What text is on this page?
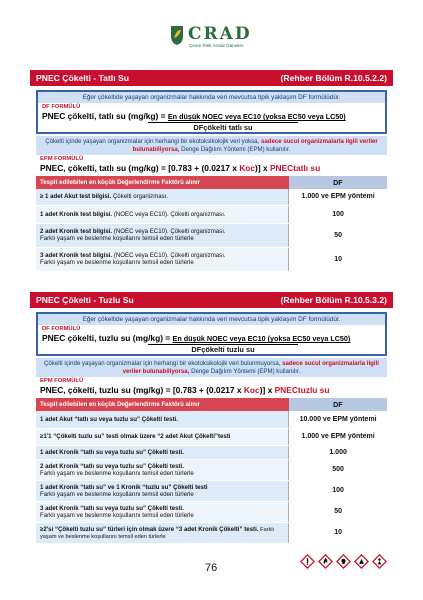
CRAD
Çevre Risk Analiz Danelen
PNEC Çökelti - Tatlı Su	(Rehber Bölüm R.10.5.2.2)
Eğer çökeltide yaşayan organizmalar hakkında veri mevcutsa tipik yaklaşım DF formülüdür.
DF FORMÜLÜ
PNEC çökelti, tatlı su (mg/kg) = En düşük NOEC veya EC10 (yoksa EC50 veya LC50)
DFçökelti tatlı su
Çökelti içinde yaşayan organizmalar için herhangi bir ekotoksikolojik veri yoksa, sadece sucul organizmalarla ilgili veriler bulunabiliyorsa, Denge Dağılım Yöntemi (EPM) kullanılır.
EPM FORMÜLÜ
PNEC, çökelti, tatlı su (mg/kg) = [0.783 + (0.0217 x Koc)] x PNECtatlı su
Tespit edilebilen en küçük Değerlendirme Faktörü alınır	DF
≥ 1 adet Akut test bilgisi. Çökelti organizması.	1.000 ve EPM yöntemi
1 adet Kronik test bilgisi. (NOEC veya EC10). Çökelti organizması.	100
2 adet Kronik test bilgisi. (NOEC veya EC10). Çökelti organizması.
Farklı yaşam ve beslenme koşullarını temsil eden türlerle	50
3 adet Kronik test bilgisi. (NOEC veya EC10). Çökelti organizması.
Farklı yaşam ve beslenme koşullarını temsil eden türlerle	10
PNEC Çökelti - Tuzlu Su	(Rehber Bölüm R.10.5.3.2)
Eğer çökeltide yaşayan organizmalar hakkında veri mevcutsa tipik yaklaşım DF formülüdür.
DF FORMÜLÜ
PNEC çökelti, tuzlu su (mg/kg) = En düşük NOEC veya EC10 (yoksa EC50 veya LC50)
DFçökelti tuzlu su
Çökelti içinde yaşayan organizmalar için herhangi bir ekotoksikolojik veri bulunmuyorsa, sadece sucul organizmalarla ilgili veriler bulunabiliyorsa, Denge Dağılım Yöntemi (EPM) kullanılır.
EPM FORMÜLÜ
PNEC, çökelti, tuzlu su (mg/kg) = [0.783 + (0.0217 x Koc)] x PNECtuzlu su
Tespit edilebilen en küçük Değerlendirme Faktörü alınır	DF
1 adet Akut “tatlı su veya tuzlu su” Çökelti testi.	10.000 ve EPM yöntemi
≥1'1 “Çökelti tuzlu su” testi olmak üzere “2 adet Akut Çökelti”testi	1.000 ve EPM yöntemi
1 adet Kronik “tatlı su veya tuzlu su” Çökelti testi.	1.000
2 adet Kronik “tatlı su veya tuzlu su” Çökelti testi.
Farklı yaşam ve beslenme koşullarını temsil eden türlerle	500
1 adet Kronik “tatlı su” ve 1 Kronik “tuzlu su” Çökelti testi
Farklı yaşam ve beslenme koşullarını temsil eden türlerle	100
3 adet Kronik “tatlı su veya tuzlu su” Çökelti testi.
Farklı yaşam ve beslenme koşullarını temsil eden türlerle	50
≥2'si “Çökelti tuzlu su” türleri için olmak üzere “3 adet Kronik Çökelti” testi. Farklı yaşam ve beslenme koşullarını temsil eden türlerle	10
76
